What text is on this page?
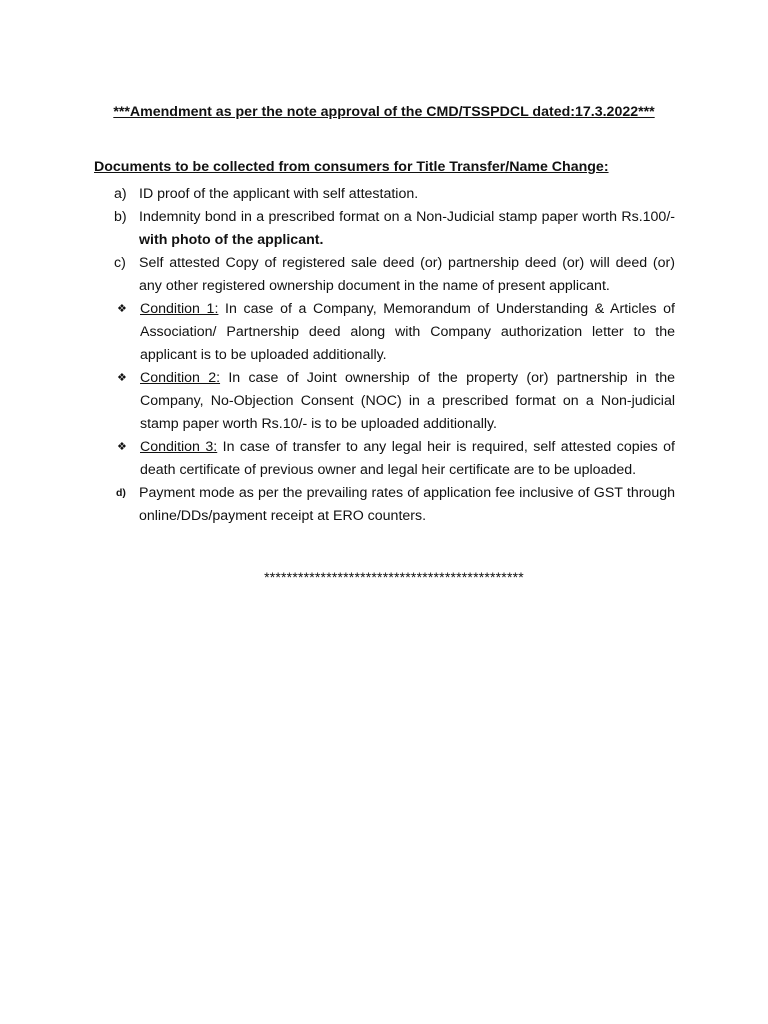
***Amendment as per the note approval of the CMD/TSSPDCL dated:17.3.2022***
Documents to be collected from consumers for Title Transfer/Name Change:
a) ID proof of the applicant with self attestation.
b) Indemnity bond in a prescribed format on a Non-Judicial stamp paper worth Rs.100/- with photo of the applicant.
c) Self attested Copy of registered sale deed (or) partnership deed (or) will deed (or) any other registered ownership document in the name of present applicant.
❖ Condition 1: In case of a Company, Memorandum of Understanding & Articles of Association/ Partnership deed along with Company authorization letter to the applicant is to be uploaded additionally.
❖ Condition 2: In case of Joint ownership of the property (or) partnership in the Company, No-Objection Consent (NOC) in a prescribed format on a Non-judicial stamp paper worth Rs.10/- is to be uploaded additionally.
❖ Condition 3: In case of transfer to any legal heir is required, self attested copies of death certificate of previous owner and legal heir certificate are to be uploaded.
d) Payment mode as per the prevailing rates of application fee inclusive of GST through online/DDs/payment receipt at ERO counters.
**********************************************
